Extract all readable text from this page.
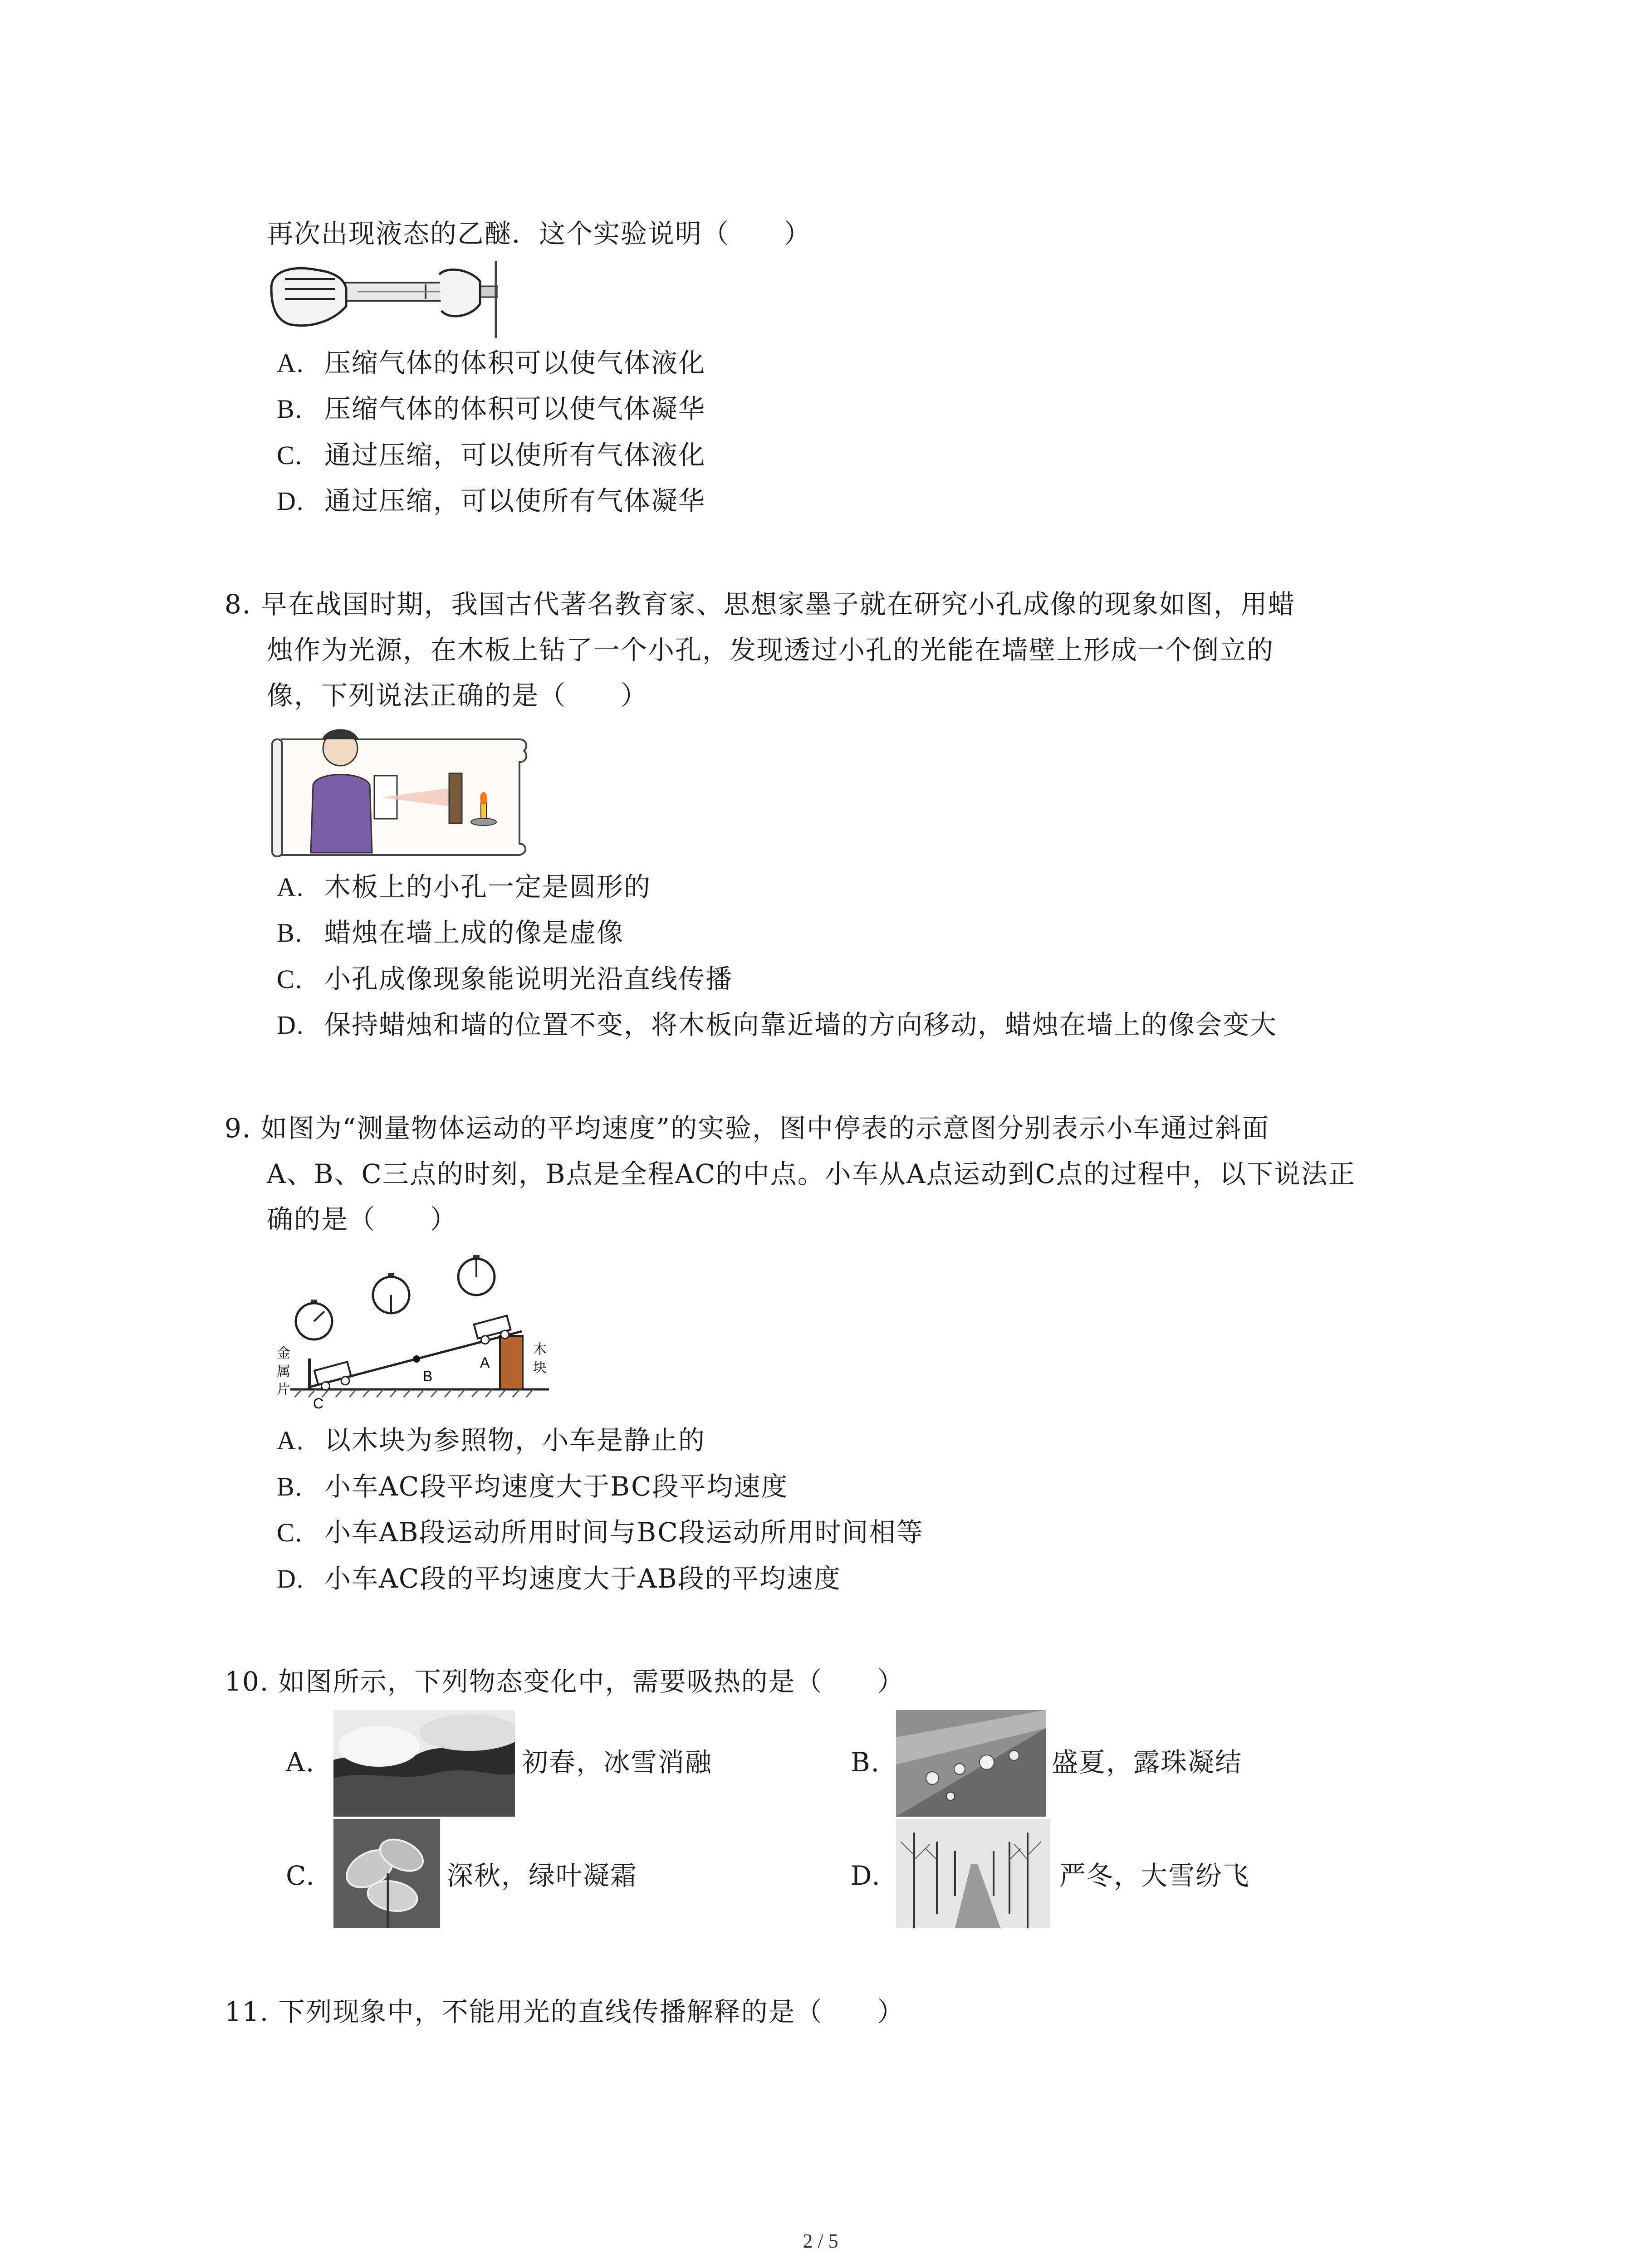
再次出现液态的乙醚．这个实验说明（　　）
A. 压缩气体的体积可以使气体液化
B. 压缩气体的体积可以使气体凝华
C. 通过压缩，可以使所有气体液化
D. 通过压缩，可以使所有气体凝华
8. 早在战国时期，我国古代著名教育家、思想家墨子就在研究小孔成像的现象如图，用蜡
烛作为光源，在木板上钻了一个小孔，发现透过小孔的光能在墙壁上形成一个倒立的
像，下列说法正确的是（　　）
A. 木板上的小孔一定是圆形的
B. 蜡烛在墙上成的像是虚像
C. 小孔成像现象能说明光沿直线传播
D. 保持蜡烛和墙的位置不变，将木板向靠近墙的方向移动，蜡烛在墙上的像会变大
9. 如图为“测量物体运动的平均速度”的实验，图中停表的示意图分别表示小车通过斜面
A、B、C三点的时刻，B点是全程AC的中点。小车从A点运动到C点的过程中，以下说法正
确的是（　　）
B
A
C
金
属
片
木
块
A. 以木块为参照物，小车是静止的
B. 小车AC段平均速度大于BC段平均速度
C. 小车AB段运动所用时间与BC段运动所用时间相等
D. 小车AC段的平均速度大于AB段的平均速度
10. 如图所示，下列物态变化中，需要吸热的是（　　）
A.	初春，冰雪消融	B.	盛夏，露珠凝结
C.	深秋，绿叶凝霜	D.	严冬，大雪纷飞
11. 下列现象中，不能用光的直线传播解释的是（　　）
2 / 5
